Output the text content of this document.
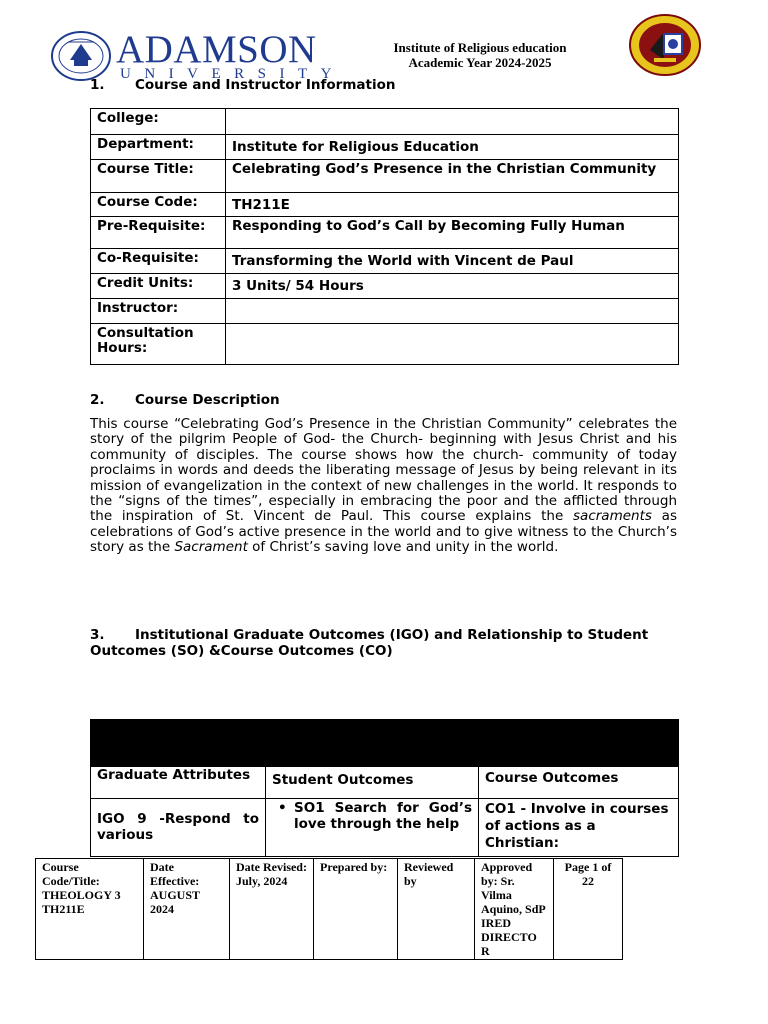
ADAMSON
UNIVERSITY
Institute of Religious education
Academic Year 2024-2025
1. Course and Instructor Information
College:	
Department:	Institute for Religious Education
Course Title:	Celebrating God’s Presence in the Christian Community
Course Code:	TH211E
Pre-Requisite:	Responding to God’s Call by Becoming Fully Human
Co-Requisite:	Transforming the World with Vincent de Paul
Credit Units:	3 Units/ 54 Hours
Instructor:	
Consultation Hours:	
2. Course Description
This course “Celebrating God’s Presence in the Christian Community” celebrates the story of the pilgrim People of God- the Church- beginning with Jesus Christ and his community of disciples. The course shows how the church- community of today proclaims in words and deeds the liberating message of Jesus by being relevant in its mission of evangelization in the context of new challenges in the world. It responds to the “signs of the times”, especially in embracing the poor and the afflicted through the inspiration of St. Vincent de Paul. This course explains the sacraments as celebrations of God’s active presence in the world and to give witness to the Church’s story as the Sacrament of Christ’s saving love and unity in the world.
3. Institutional Graduate Outcomes (IGO) and Relationship to Student Outcomes (SO) &Course Outcomes (CO)

Graduate Attributes	Student Outcomes	Course Outcomes
IGO 9 -Respond to various	• SO1 Search for God’s love through the help	CO1 - Involve in courses of actions as a Christian:
Course Code/Title: THEOLOGY 3 TH211E	Date Effective: AUGUST 2024	Date Revised: July, 2024	Prepared by:	Reviewed by	Approved by: Sr. Vilma Aquino, SdP IRED DIRECTO R	Page 1 of 22
